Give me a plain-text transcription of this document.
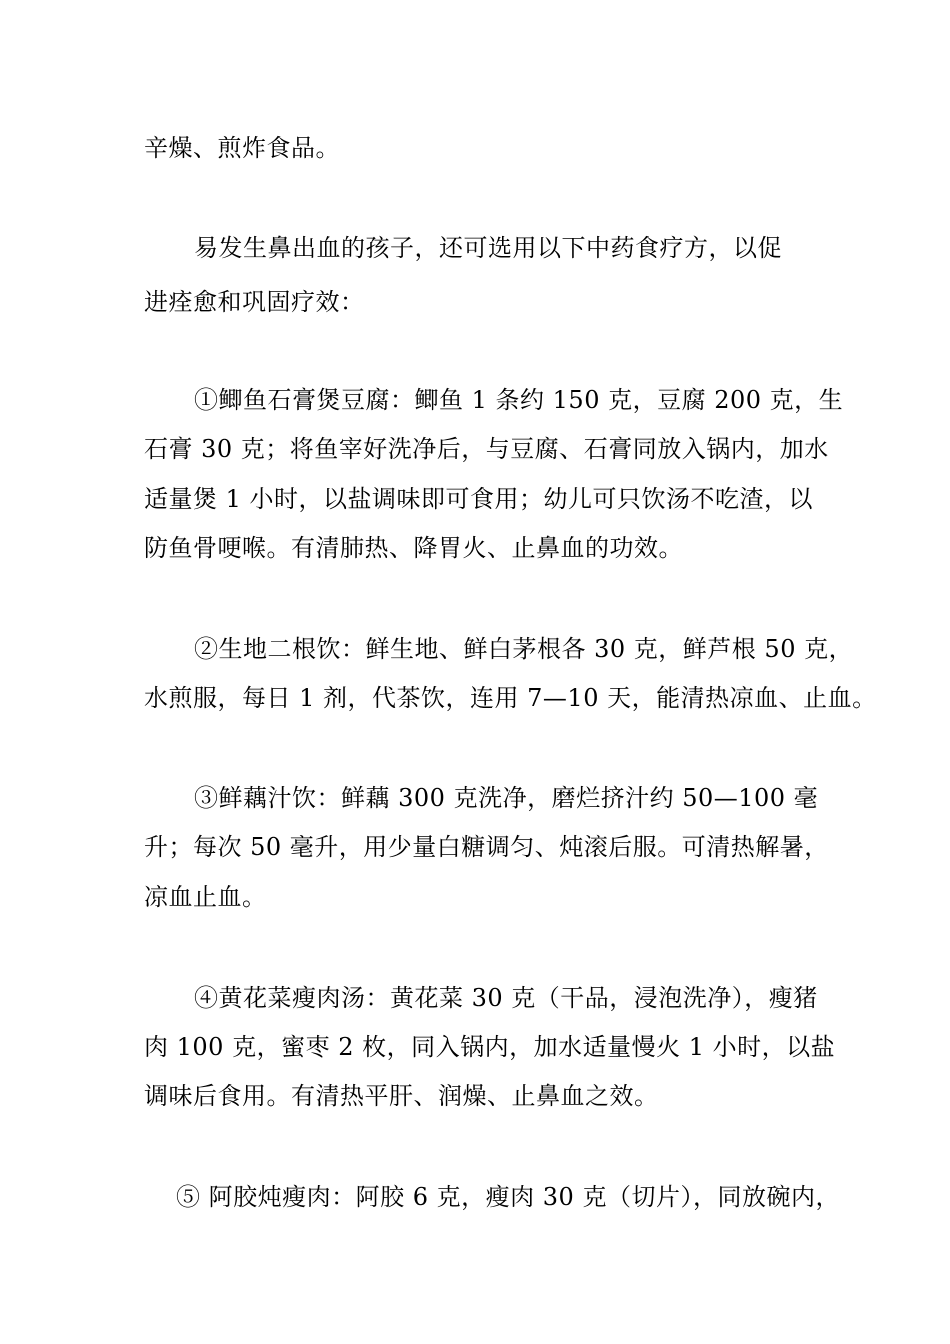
辛燥、煎炸食品。
易发生鼻出血的孩子，还可选用以下中药食疗方，以促
进痊愈和巩固疗效：
①鲫鱼石膏煲豆腐：鲫鱼 1 条约 150 克，豆腐 200 克，生
石膏 30 克；将鱼宰好洗净后，与豆腐、石膏同放入锅内，加水
适量煲 1 小时，以盐调味即可食用；幼儿可只饮汤不吃渣，以
防鱼骨哽喉。有清肺热、降胃火、止鼻血的功效。
②生地二根饮：鲜生地、鲜白茅根各 30 克，鲜芦根 50 克，
水煎服，每日 1 剂，代茶饮，连用 7—10 天，能清热凉血、止血。
③鲜藕汁饮：鲜藕 300 克洗净，磨烂挤汁约 50—100 毫
升；每次 50 毫升，用少量白糖调匀、炖滚后服。可清热解暑，
凉血止血。
④黄花菜瘦肉汤：黄花菜 30 克（干品，浸泡洗净），瘦猪
肉 100 克，蜜枣 2 枚，同入锅内，加水适量慢火 1 小时，以盐
调味后食用。有清热平肝、润燥、止鼻血之效。
⑤ 阿胶炖瘦肉：阿胶 6 克，瘦肉 30 克（切片），同放碗内，
